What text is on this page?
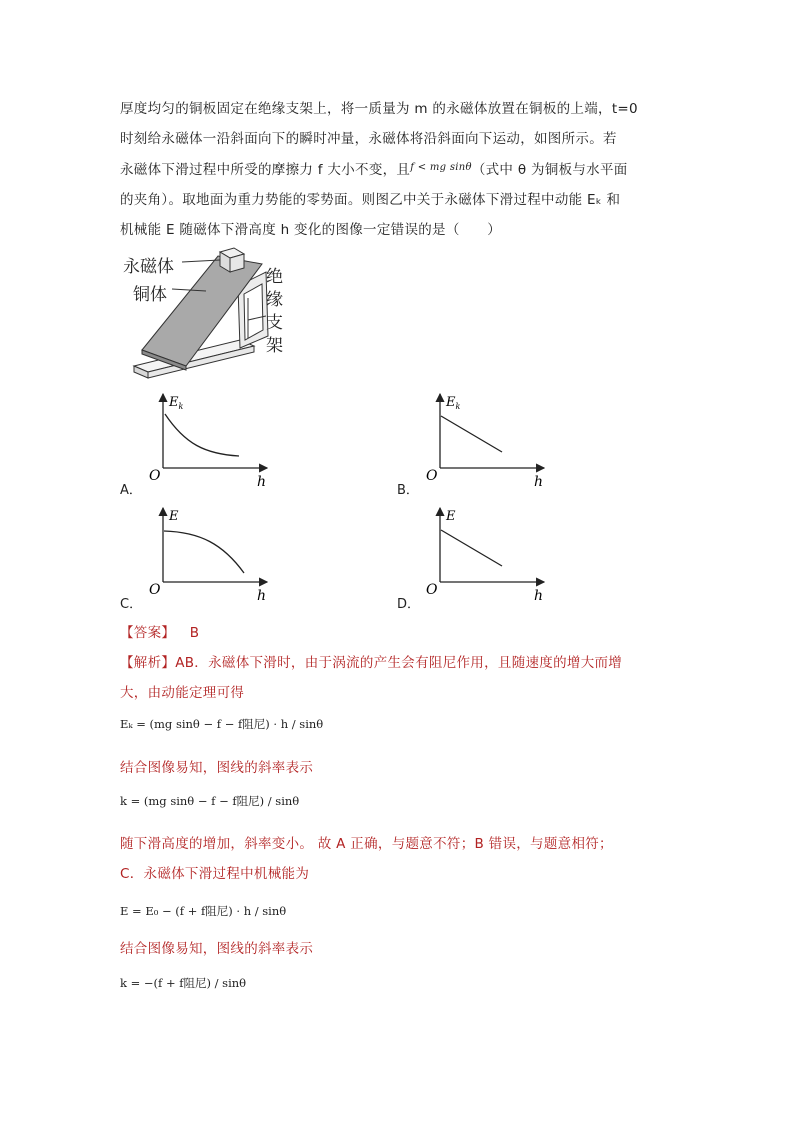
厚度均匀的铜板固定在绝缘支架上，将一质量为 m 的永磁体放置在铜板的上端，t=0
时刻给永磁体一沿斜面向下的瞬时冲量，永磁体将沿斜面向下运动，如图所示。若
永磁体下滑过程中所受的摩擦力 f 大小不变，且$^{f < mg sin\theta}$（式中 θ 为铜板与水平面
的夹角）。取地面为重力势能的零势面。则图乙中关于永磁体下滑过程中动能 Eₖ 和
机械能 E 随磁体下滑高度 h 变化的图像一定错误的是（　　）
永磁体
铜体
绝
缘
支
架
A．
$E_k$
O	h
B．
$E_k$
O	h
C．
E
O	h
D．
E
O	h
【答案】 B
【解析】AB．永磁体下滑时，由于涡流的产生会有阻尼作用，且随速度的增大而增
大，由动能定理可得
Eₖ = (mg sinθ − f − f阻尼) · h / sinθ
结合图像易知，图线的斜率表示
k = (mg sinθ − f − f阻尼) / sinθ
随下滑高度的增加，斜率变小。 故 A 正确，与题意不符；B 错误，与题意相符；
C．永磁体下滑过程中机械能为
E = E₀ − (f + f阻尼) · h / sinθ
结合图像易知，图线的斜率表示
k = −(f + f阻尼) / sinθ
